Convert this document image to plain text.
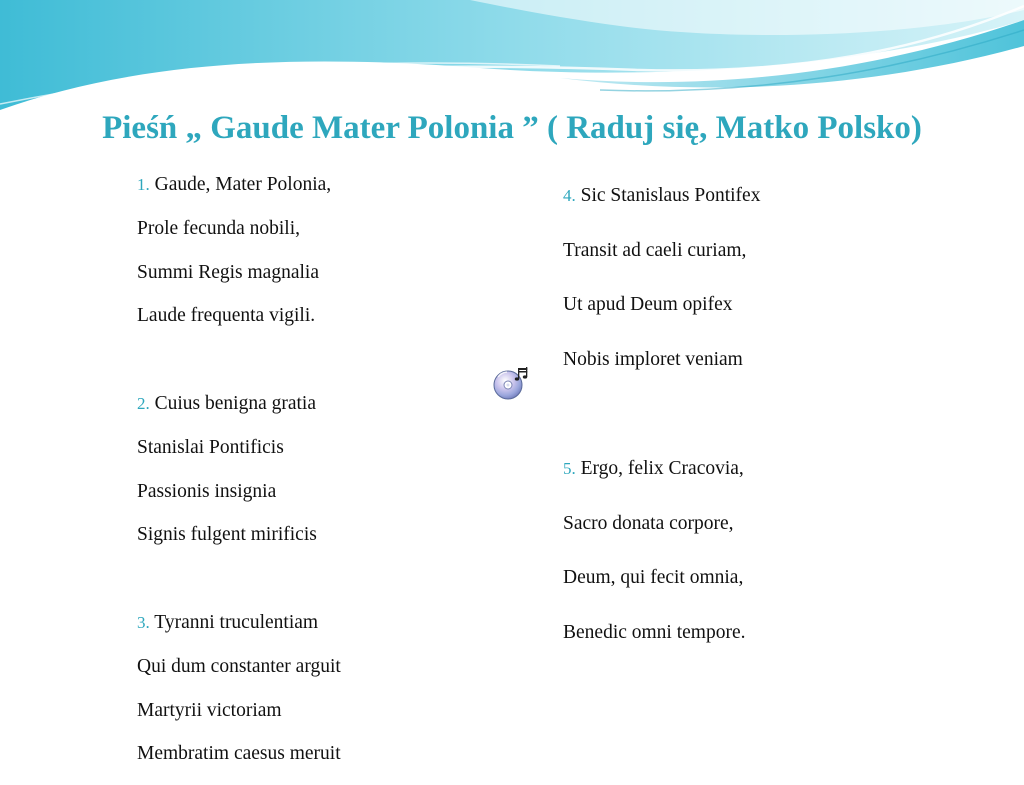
Pieśń „ Gaude Mater Polonia ” ( Raduj się, Matko Polsko)

1. Gaude, Mater Polonia,

Prole fecunda nobili,

Summi Regis magnalia

Laude frequenta vigili.

2. Cuius benigna gratia

Stanislai Pontificis

Passionis insignia

Signis fulgent mirificis

3. Tyranni truculentiam

Qui dum constanter arguit

Martyrii victoriam

Membratim caesus meruit

4. Sic Stanislaus Pontifex

Transit ad caeli curiam,

Ut apud Deum opifex

Nobis imploret veniam

5. Ergo, felix Cracovia,

Sacro donata corpore,

Deum, qui fecit omnia,

Benedic omni tempore.
